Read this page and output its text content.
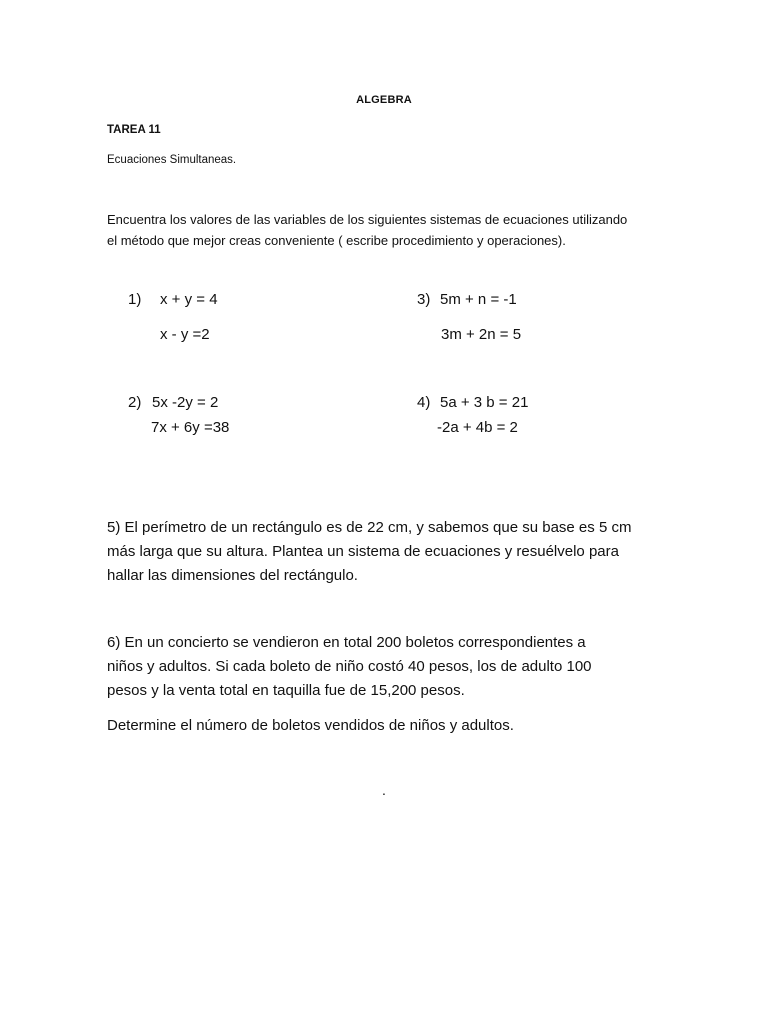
ALGEBRA
TAREA 11
Ecuaciones Simultaneas.
Encuentra los valores de las variables de los siguientes sistemas de ecuaciones utilizando
el método que mejor creas conveniente ( escribe procedimiento y operaciones).
1) x + y = 4
x - y =2
3) 5m + n = -1
3m + 2n = 5
2) 5x -2y = 2
7x + 6y =38
4) 5a + 3 b = 21
-2a + 4b = 2
5) El perímetro de un rectángulo es de 22 cm, y sabemos que su base es 5 cm
más larga que su altura. Plantea un sistema de ecuaciones y resuélvelo para
hallar las dimensiones del rectángulo.
6) En un concierto se vendieron en total 200 boletos correspondientes a
niños y adultos. Si cada boleto de niño costó 40 pesos, los de adulto 100
pesos y la venta total en taquilla fue de 15,200 pesos.
Determine el número de boletos vendidos de niños y adultos.
.
